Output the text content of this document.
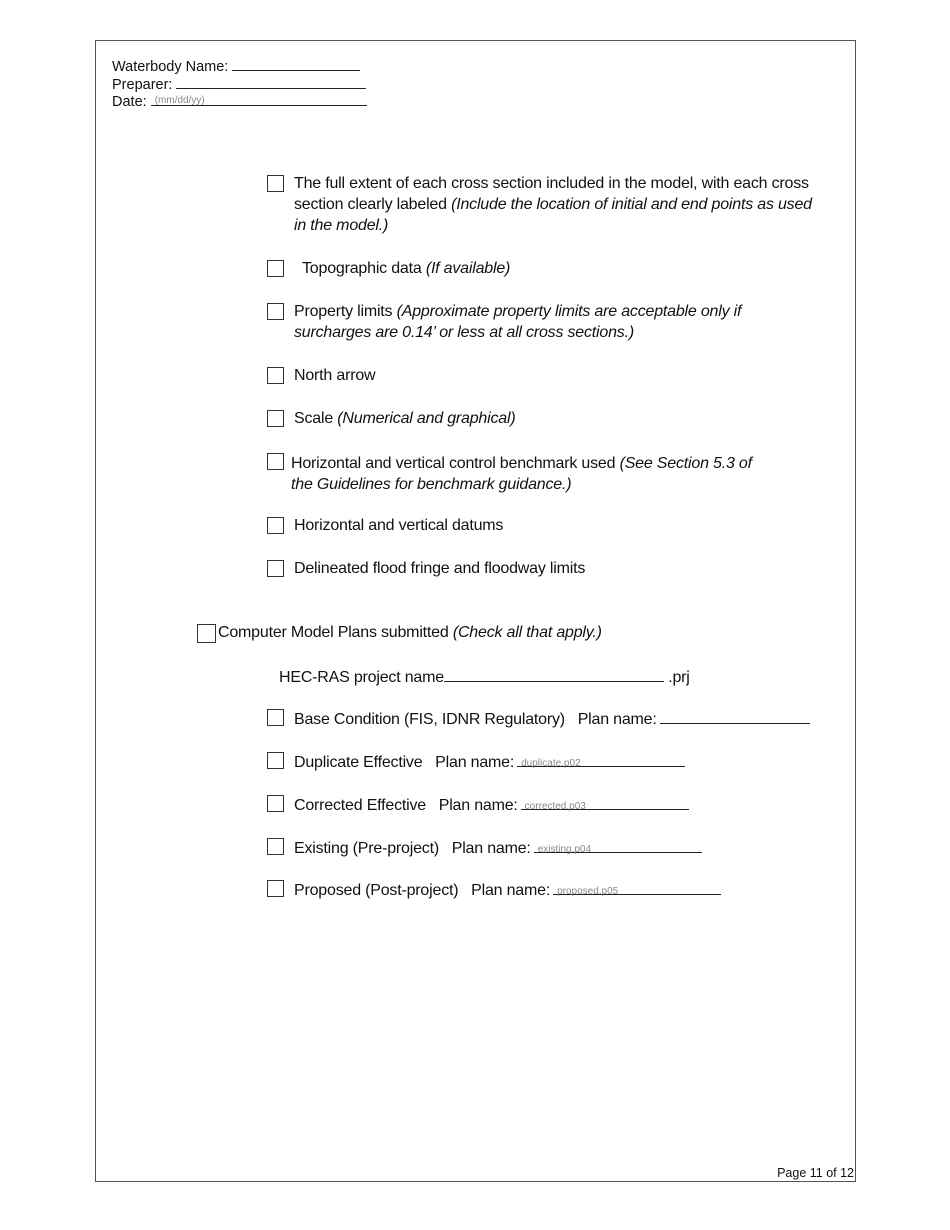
Waterbody Name:
Preparer:
Date: (mm/dd/yy)
The full extent of each cross section included in the model, with each cross section clearly labeled (Include the location of initial and end points as used in the model.)
Topographic data (If available)
Property limits (Approximate property limits are acceptable only if surcharges are 0.14’ or less at all cross sections.)
North arrow
Scale (Numerical and graphical)
Horizontal and vertical control benchmark used (See Section 5.3 of the Guidelines for benchmark guidance.)
Horizontal and vertical datums
Delineated flood fringe and floodway limits
Computer Model Plans submitted (Check all that apply.)
HEC-RAS project name	.prj
Base Condition (FIS, IDNR Regulatory) Plan name:
Duplicate Effective Plan name: duplicate.p02
Corrected Effective Plan name: corrected.p03
Existing (Pre-project) Plan name: existing.p04
Proposed (Post-project) Plan name: proposed.p05
Page 11 of 12
